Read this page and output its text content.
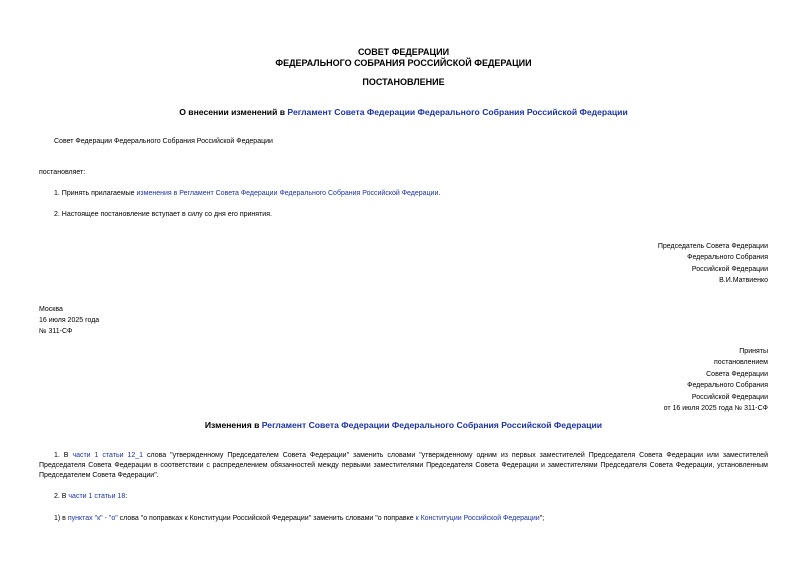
СОВЕТ ФЕДЕРАЦИИ
ФЕДЕРАЛЬНОГО СОБРАНИЯ РОССИЙСКОЙ ФЕДЕРАЦИИ
ПОСТАНОВЛЕНИЕ
О внесении изменений в Регламент Совета Федерации Федерального Собрания Российской Федерации
Совет Федерации Федерального Собрания Российской Федерации
постановляет:
1. Принять прилагаемые изменения в Регламент Совета Федерации Федерального Собрания Российской Федерации.
2. Настоящее постановление вступает в силу со дня его принятия.
Председатель Совета Федерации
Федерального Собрания
Российской Федерации
В.И.Матвиенко
Москва
16 июля 2025 года
№ 311-СФ
Приняты
постановлением
Совета Федерации
Федерального Собрания
Российской Федерации
от 16 июля 2025 года № 311-СФ
Изменения в Регламент Совета Федерации Федерального Собрания Российской Федерации
1. В части 1 статьи 12_1 слова "утвержденному Председателем Совета Федерации" заменить словами "утвержденному одним из первых заместителей Председателя Совета Федерации или заместителей Председателя Совета Федерации в соответствии с распределением обязанностей между первыми заместителями Председателя Совета Федерации и заместителями Председателя Совета Федерации, установленным Председателем Совета Федерации".
2. В части 1 статьи 18:
1) в пунктах "к" - "о" слова "о поправках к Конституции Российской Федерации" заменить словами "о поправке к Конституции Российской Федерации";
